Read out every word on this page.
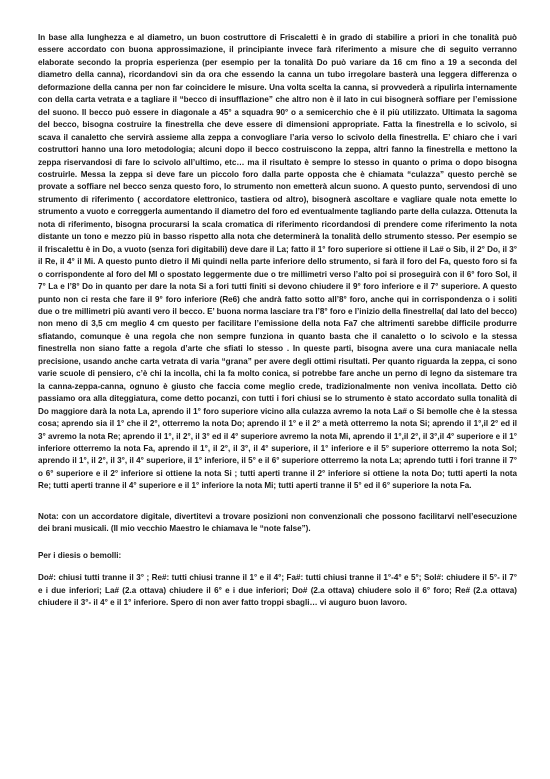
In base alla lunghezza e al diametro, un buon costruttore di Friscaletti è in grado di stabilire a priori in che tonalità può essere accordato con buona approssimazione, il principiante invece farà riferimento a misure che di seguito verranno elaborate secondo la propria esperienza (per esempio per la tonalità Do può variare da 16 cm fino a 19 a seconda del diametro della canna), ricordandovi sin da ora che essendo la canna un tubo irregolare basterà una leggera differenza o deformazione della canna per non far coincidere le misure. Una volta scelta la canna, si provvederà a ripulirla internamente con della carta vetrata e a tagliare il “becco di insufflazione” che altro non è il lato in cui bisognerà soffiare per l’emissione del suono. Il becco può essere in diagonale a 45° a squadra 90° o a semicerchio che è il più utilizzato. Ultimata la sagoma del becco, bisogna costruire la finestrella che deve essere di dimensioni appropriate. Fatta la finestrella e lo scivolo, si scava il canaletto che servirà assieme alla zeppa a convogliare l’aria verso lo scivolo della finestrella. E’ chiaro che i vari costruttori hanno una loro metodologia; alcuni dopo il becco costruiscono la zeppa, altri fanno la finestrella e mettono la zeppa riservandosi di fare lo scivolo all’ultimo, etc… ma il risultato è sempre lo stesso in quanto o prima o dopo bisogna costruirle. Messa la zeppa si deve fare un piccolo foro dalla parte opposta che è chiamata “culazza” questo perchè se provate a soffiare nel becco senza questo foro, lo strumento non emetterà alcun suono. A questo punto, servendosi di uno strumento di riferimento ( accordatore elettronico, tastiera od altro), bisognerà ascoltare e vagliare quale nota emette lo strumento a vuoto e correggerla aumentando il diametro del foro ed eventualmente tagliando parte della culazza. Ottenuta la nota di riferimento, bisogna procurarsi la scala cromatica di riferimento ricordandosi di prendere come riferimento la nota distante un tono e mezzo più in basso rispetto alla nota che determinerà la tonalità dello strumento stesso. Per esempio se il friscalettu è in Do, a vuoto (senza fori digitabili) deve dare il La; fatto il 1° foro superiore si ottiene il La# o Sib, il 2° Do, il 3° il Re, il 4° il Mi. A questo punto dietro il Mi quindi nella parte inferiore dello strumento, si farà il foro del Fa, questo foro si fa o corrispondente al foro del MI o spostato leggermente due o tre millimetri verso l’alto poi si proseguirà con il 6° foro Sol, il 7° La e l’8° Do in quanto per dare la nota Si a fori tutti finiti si devono chiudere il 9° foro inferiore e il 7° superiore. A questo punto non ci resta che fare il 9° foro inferiore (Re6) che andrà fatto sotto all’8° foro, anche qui in corrispondenza o i soliti due o tre millimetri più avanti vero il becco. E’ buona norma lasciare tra l’8° foro e l’inizio della finestrella( dal lato del becco) non meno di 3,5 cm meglio 4 cm questo per facilitare l’emissione della nota Fa7 che altrimenti sarebbe difficile produrre sfiatando, comunque è una regola che non sempre funziona in quanto basta che il canaletto o lo scivolo e la stessa finestrella non siano fatte a regola d’arte che sfiati lo stesso . In queste parti, bisogna avere una cura maniacale nella precisione, usando anche carta vetrata di varia “grana” per avere degli ottimi risultati. Per quanto riguarda la zeppa, ci sono varie scuole di pensiero, c’è chi la incolla, chi la fa molto conica, si potrebbe fare anche un perno di legno da sistemare tra la canna-zeppa-canna, ognuno è giusto che faccia come meglio crede, tradizionalmente non veniva incollata. Detto ciò passiamo ora alla diteggiatura, come detto pocanzi, con tutti i fori chiusi se lo strumento è stato accordato sulla tonalità di Do maggiore darà la nota La, aprendo il 1° foro superiore vicino alla culazza avremo la nota La# o Si bemolle che è la stessa cosa; aprendo sia il 1° che il 2°, otterremo la nota Do; aprendo il 1° e il 2° a metà otterremo la nota Si; aprendo il 1°,il 2° ed il 3° avremo la nota Re; aprendo il 1°, il 2°, il 3° ed il 4° superiore avremo la nota Mi, aprendo il 1°,il 2°, il 3°,il 4° superiore e il 1° inferiore otterremo la nota Fa, aprendo il 1°, il 2°, il 3°, il 4° superiore, il 1° inferiore e il 5° superiore otterremo la nota Sol; aprendo il 1°, il 2°, il 3°, il 4° superiore, il 1° inferiore, il 5° e il 6° superiore otterremo la nota La; aprendo tutti i fori tranne il 7° o 6° superiore e il 2° inferiore si ottiene la nota Si ; tutti aperti tranne il 2° inferiore si ottiene la nota Do; tutti aperti la nota Re; tutti aperti tranne il 4° superiore e il 1° inferiore la nota Mi; tutti aperti tranne il 5° ed il 6° superiore la nota Fa.

Nota: con un accordatore digitale, divertitevi a trovare posizioni non convenzionali che possono facilitarvi nell’esecuzione dei brani musicali. (Il mio vecchio Maestro le chiamava le “note false”).

Per i diesis o bemolli:

Do#: chiusi tutti tranne il 3° ; Re#: tutti chiusi tranne il 1° e il 4°; Fa#: tutti chiusi tranne il 1°-4° e 5°; Sol#: chiudere il 5°- il 7° e i due inferiori; La# (2.a ottava) chiudere il 6° e i due inferiori; Do# (2.a ottava) chiudere solo il 6° foro; Re# (2.a ottava) chiudere il 3°- il 4° e il 1° inferiore. Spero di non aver fatto troppi sbagli… vi auguro buon lavoro.
